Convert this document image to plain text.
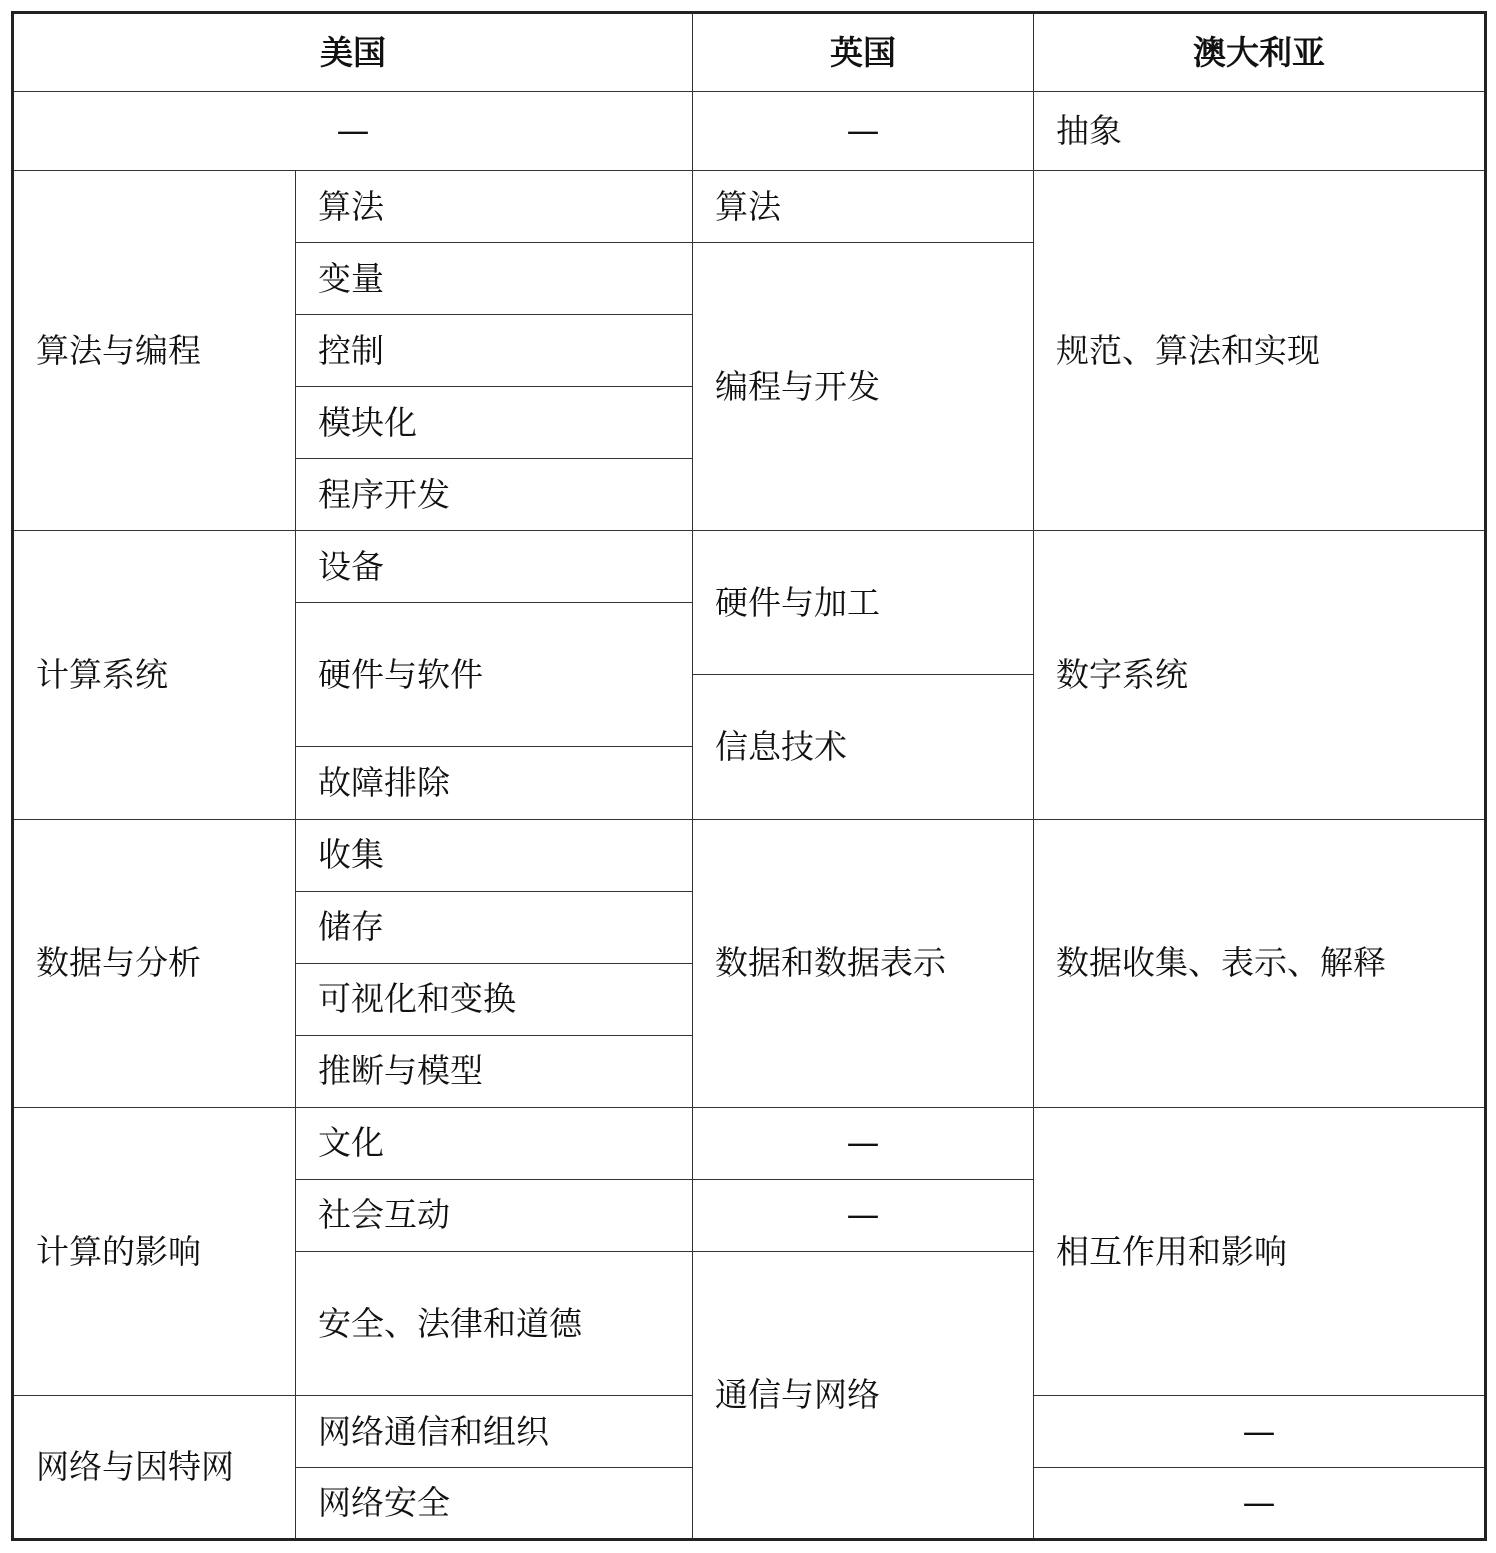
美国		英国	澳大利亚
—		—	抽象
算法与编程	算法	算法	规范、算法和实现
	变量	编程与开发	
	控制		
	模块化		
	程序开发		
计算系统	设备	硬件与加工	数字系统
	硬件与软件		
		信息技术	
	故障排除		
数据与分析	收集	数据和数据表示	数据收集、表示、解释
	储存		
	可视化和变换		
	推断与模型		
计算的影响	文化	—	相互作用和影响
	社会互动	—	
	安全、法律和道德	通信与网络	
网络与因特网	网络通信和组织		—
	网络安全		—
